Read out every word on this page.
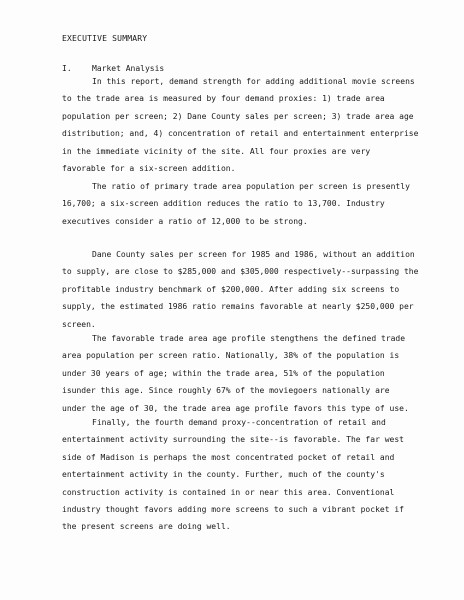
EXECUTIVE SUMMARY
I.	Market Analysis
In this report, demand strength for adding additional movie screens
to the trade area is measured by four demand proxies: 1) trade area
population per screen; 2) Dane County sales per screen; 3) trade area age
distribution; and, 4) concentration of retail and entertainment enterprise
in the immediate vicinity of the site. All four proxies are very
favorable for a six-screen addition.
The ratio of primary trade area population per screen is presently
16,700; a six-screen addition reduces the ratio to 13,700. Industry
executives consider a ratio of 12,000 to be strong.
Dane County sales per screen for 1985 and 1986, without an addition
to supply, are close to $285,000 and $305,000 respectively--surpassing the
profitable industry benchmark of $200,000. After adding six screens to
supply, the estimated 1986 ratio remains favorable at nearly $250,000 per
screen.
The favorable trade area age profile stengthens the defined trade
area population per screen ratio. Nationally, 38% of the population is
under 30 years of age; within the trade area, 51% of the population
isunder this age. Since roughly 67% of the moviegoers nationally are
under the age of 30, the trade area age profile favors this type of use.
Finally, the fourth demand proxy--concentration of retail and
entertainment activity surrounding the site--is favorable. The far west
side of Madison is perhaps the most concentrated pocket of retail and
entertainment activity in the county. Further, much of the county's
construction activity is contained in or near this area. Conventional
industry thought favors adding more screens to such a vibrant pocket if
the present screens are doing well.
